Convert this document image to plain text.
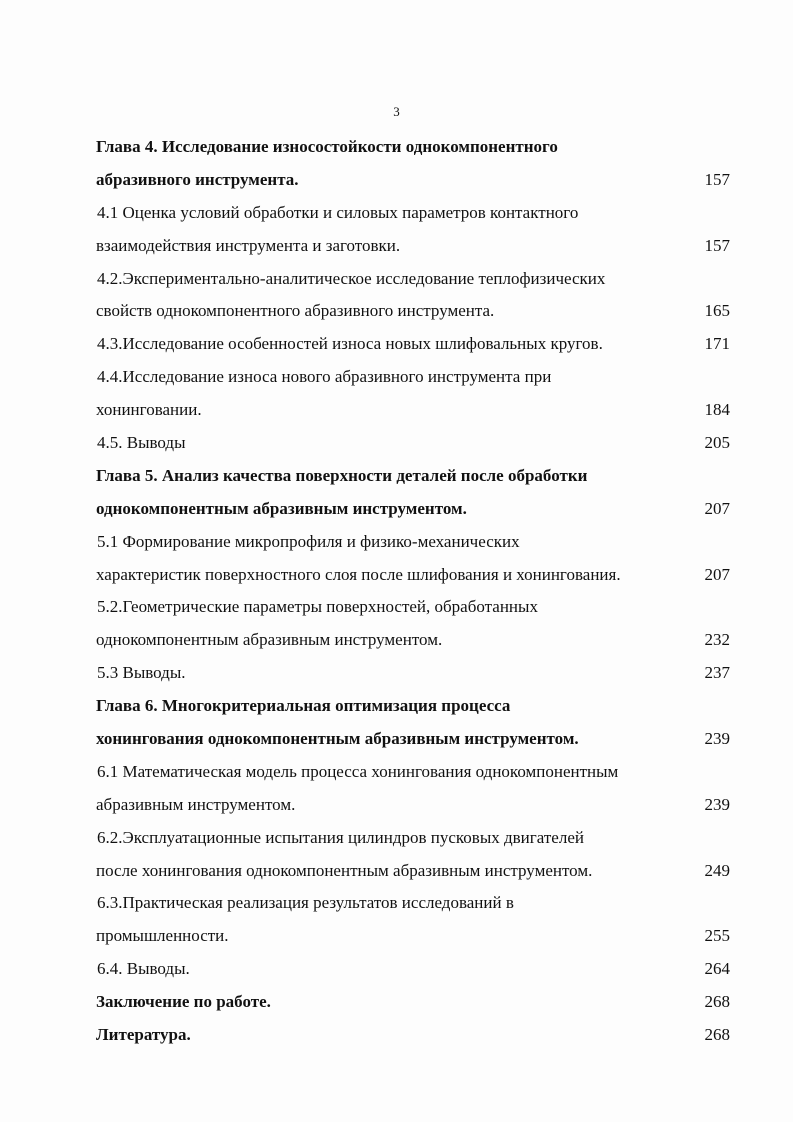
3
Глава 4. Исследование износостойкости однокомпонентного
абразивного инструмента.	157
4.1 Оценка условий обработки и силовых параметров контактного
взаимодействия инструмента и заготовки.	157
4.2.Экспериментально-аналитическое исследование теплофизических
свойств однокомпонентного абразивного инструмента.	165
4.3.Исследование особенностей износа новых шлифовальных кругов.	171
4.4.Исследование износа нового абразивного инструмента при
хонинговании.	184
4.5. Выводы	205
Глава 5. Анализ качества поверхности деталей после обработки
однокомпонентным абразивным инструментом.	207
5.1 Формирование микропрофиля и физико-механических
характеристик поверхностного слоя после шлифования и хонингования.	207
5.2.Геометрические параметры поверхностей, обработанных
однокомпонентным абразивным инструментом.	232
5.3 Выводы.	237
Глава 6. Многокритериальная оптимизация процесса
хонингования однокомпонентным абразивным инструментом.	239
6.1 Математическая модель процесса хонингования однокомпонентным
абразивным инструментом.	239
6.2.Эксплуатационные испытания цилиндров пусковых двигателей
после хонингования однокомпонентным абразивным инструментом.	249
6.3.Практическая реализация результатов исследований в
промышленности.	255
6.4. Выводы.	264
Заключение по работе.	268
Литература.	268
